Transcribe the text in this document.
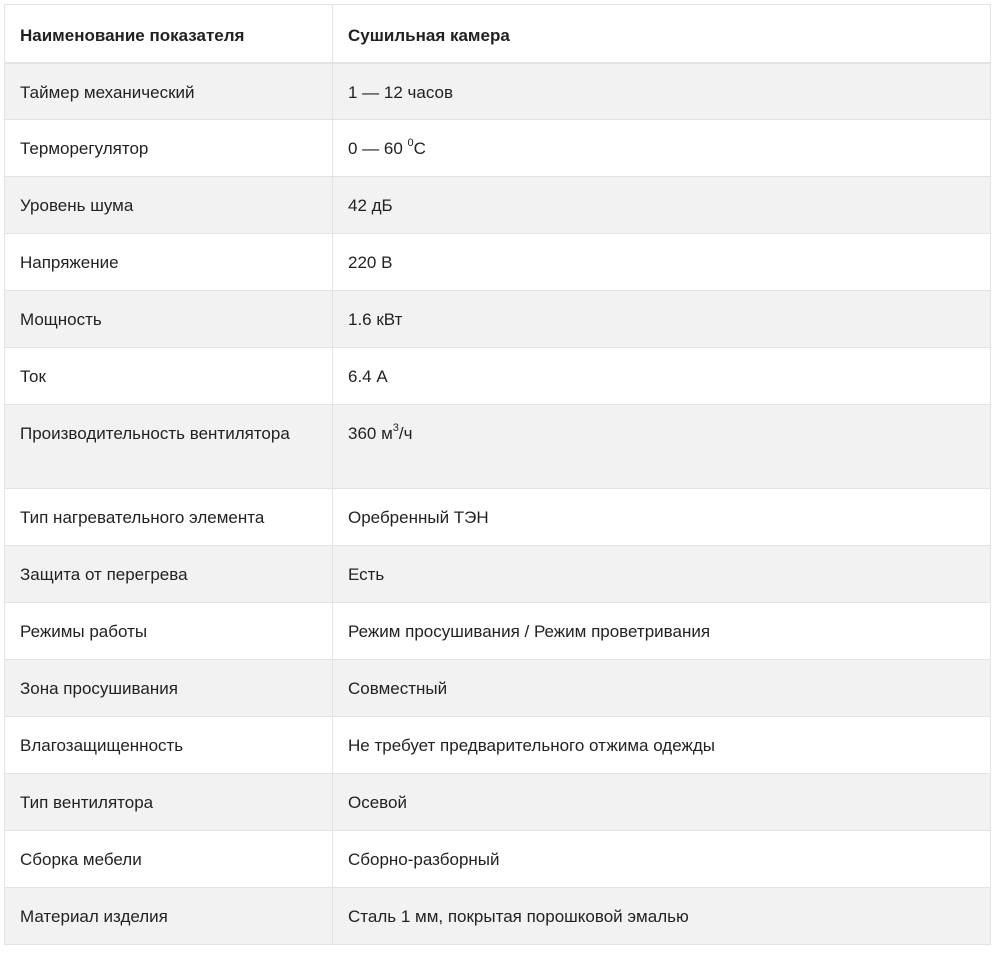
Наименование показателя	Сушильная камера
Таймер механический	1 — 12 часов
Терморегулятор	0 — 60 $^0$C
Уровень шума	42 дБ
Напряжение	220 В
Мощность	1.6 кВт
Ток	6.4 А
Производительность вентилятора	360 $м^3/ч$
Тип нагревательного элемента	Оребренный ТЭН
Защита от перегрева	Есть
Режимы работы	Режим просушивания / Режим проветривания
Зона просушивания	Совместный
Влагозащищенность	Не требует предварительного отжима одежды
Тип вентилятора	Осевой
Сборка мебели	Сборно-разборный
Материал изделия	Сталь 1 мм, покрытая порошковой эмалью
